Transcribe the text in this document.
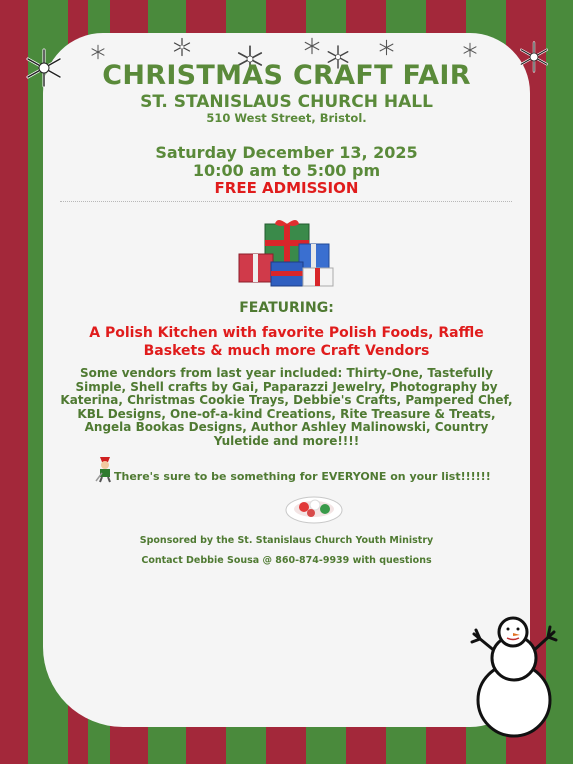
CHRISTMAS CRAFT FAIR
ST. STANISLAUS CHURCH HALL
510 West Street, Bristol.
Saturday December 13, 2025
10:00 am to 5:00 pm
FREE ADMISSION
FEATURING:
A Polish Kitchen with favorite Polish Foods, Raffle Baskets & much more Craft Vendors
Some vendors from last year included: Thirty-One, Tastefully Simple, Shell crafts by Gai, Paparazzi Jewelry, Photography by Katerina, Christmas Cookie Trays, Debbie's Crafts, Pampered Chef, KBL Designs, One-of-a-kind Creations, Rite Treasure & Treats, Angela Bookas Designs, Author Ashley Malinowski, Country Yuletide and more!!!!
There's sure to be something for EVERYONE on your list!!!!!!
Sponsored by the St. Stanislaus Church Youth Ministry
Contact Debbie Sousa @ 860-874-9939 with questions
